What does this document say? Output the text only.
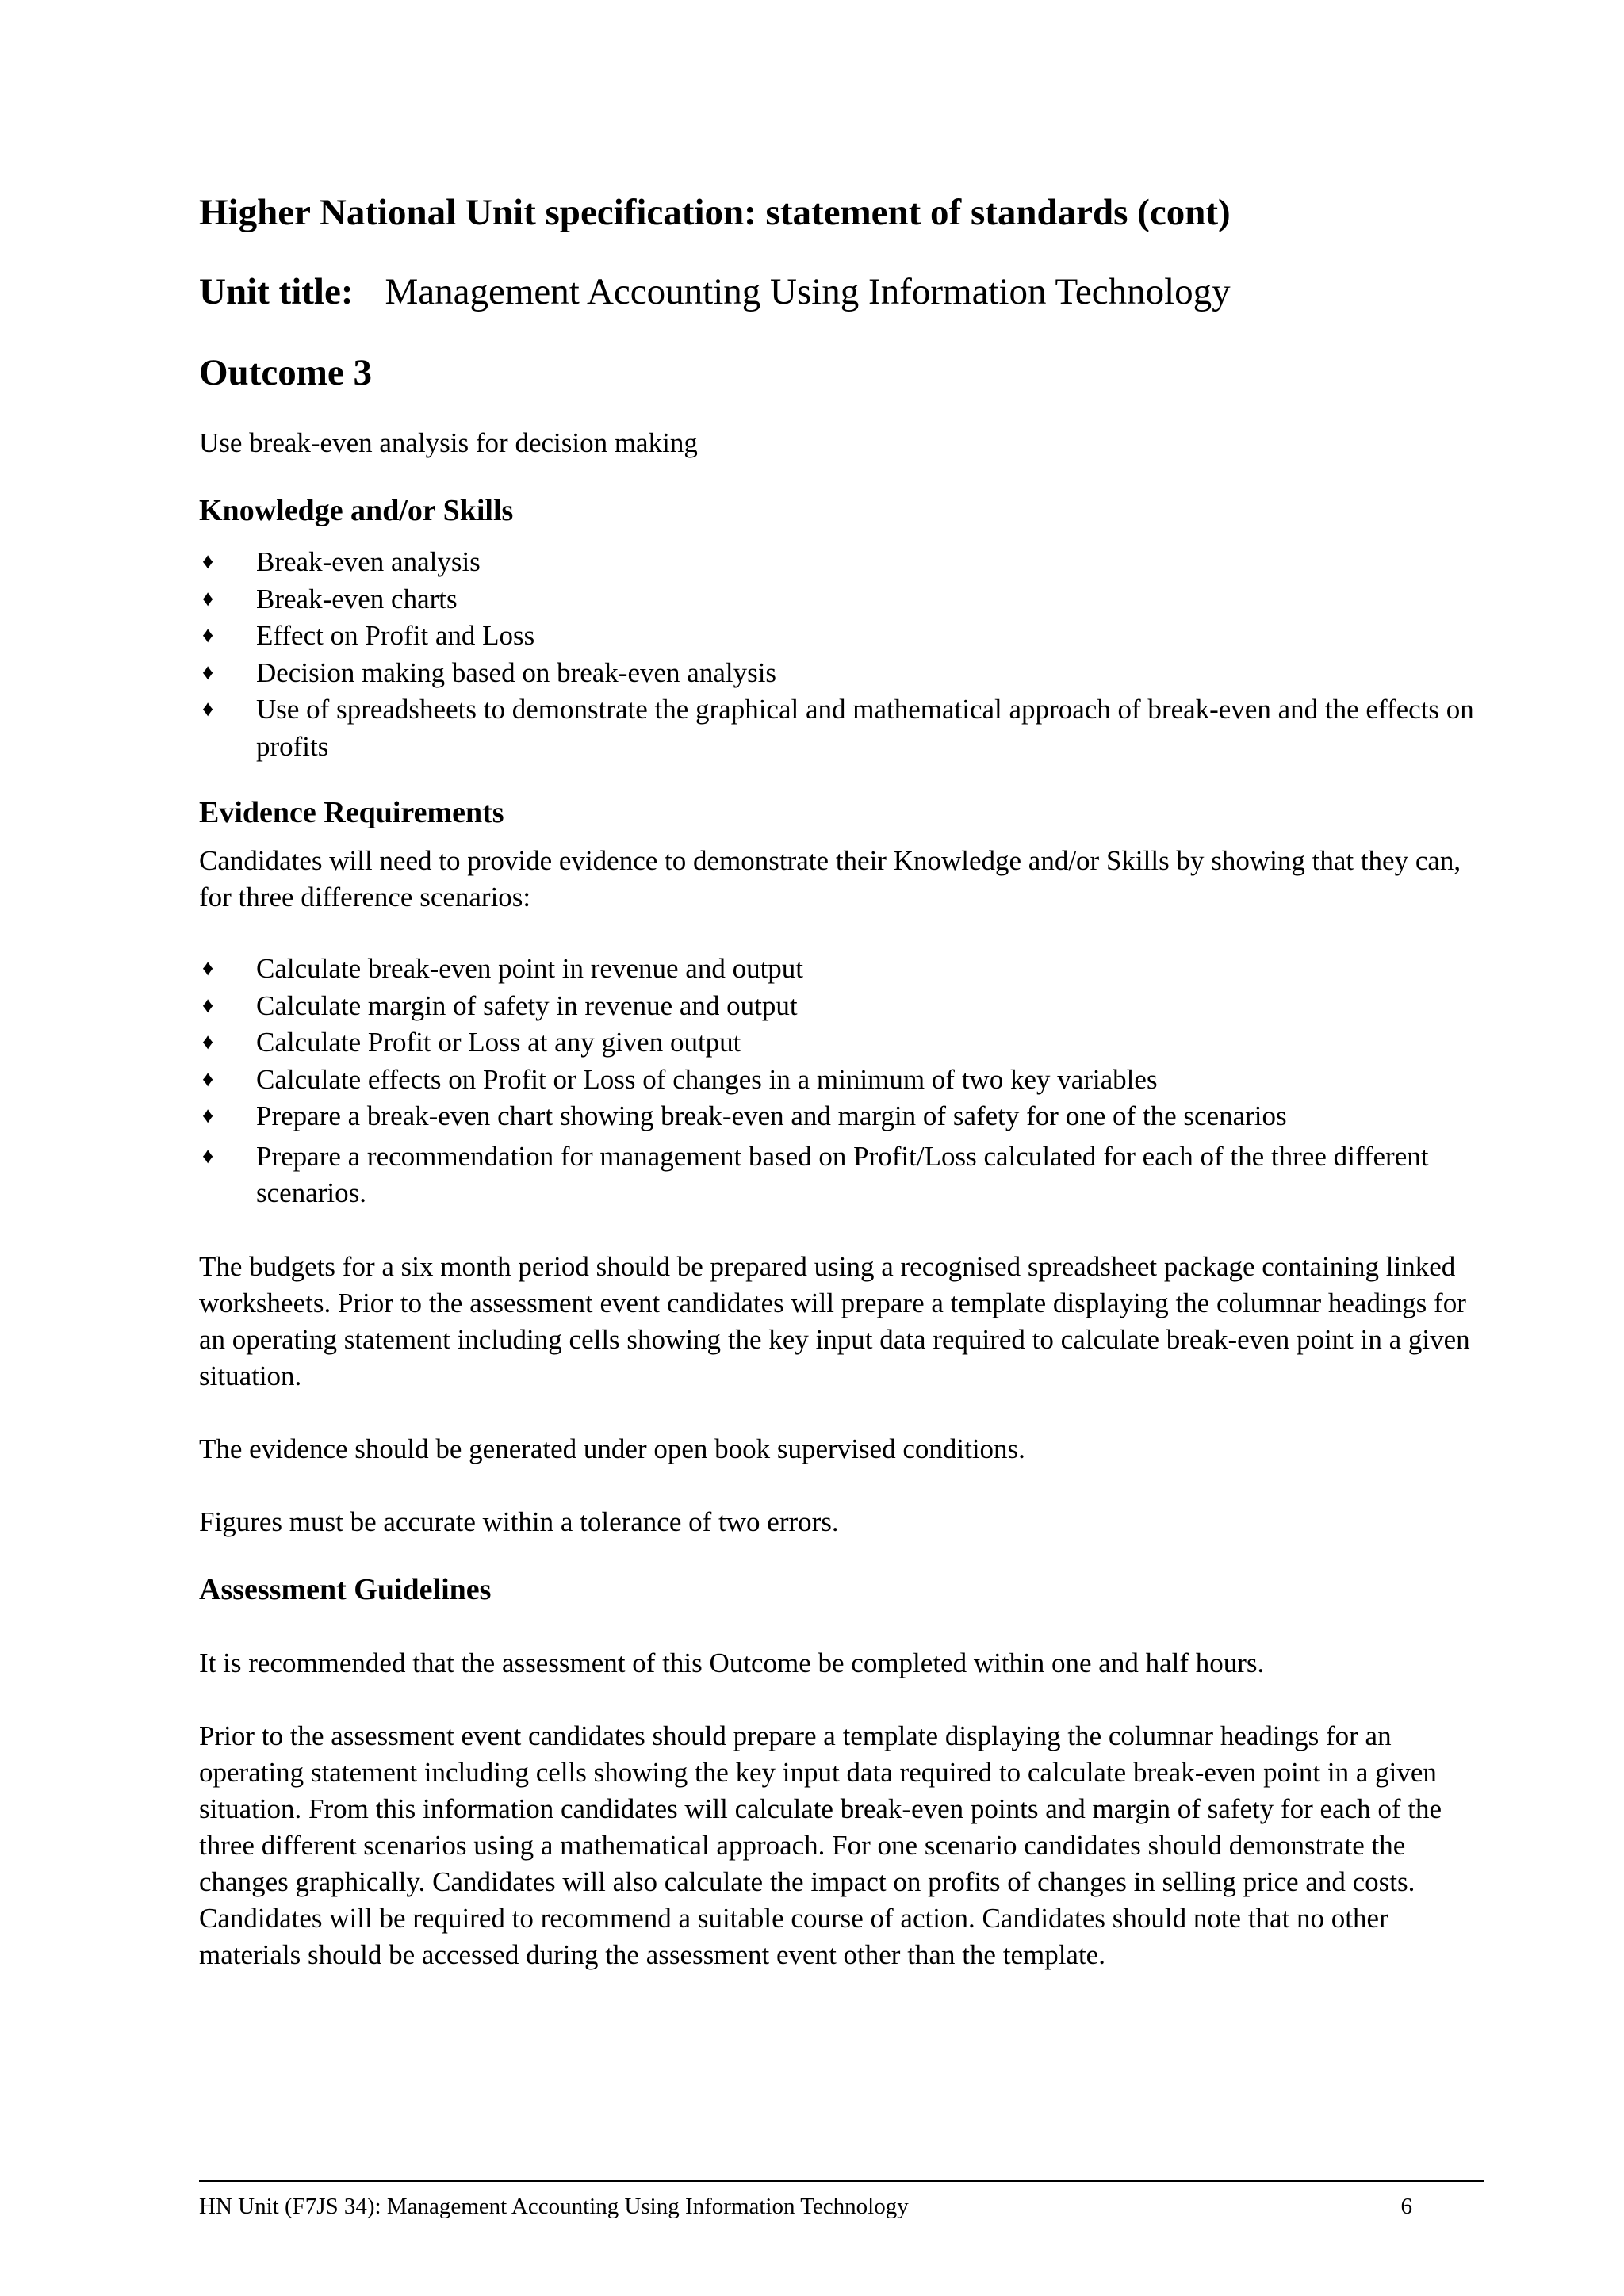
Higher National Unit specification: statement of standards (cont)
Unit title: Management Accounting Using Information Technology
Outcome 3

Use break-even analysis for decision making

Knowledge and/or Skills
♦ Break-even analysis
♦ Break-even charts
♦ Effect on Profit and Loss
♦ Decision making based on break-even analysis
♦ Use of spreadsheets to demonstrate the graphical and mathematical approach of break-even and the effects on profits
Evidence Requirements

Candidates will need to provide evidence to demonstrate their Knowledge and/or Skills by showing that they can, for three difference scenarios:

♦ Calculate break-even point in revenue and output
♦ Calculate margin of safety in revenue and output
♦ Calculate Profit or Loss at any given output
♦ Calculate effects on Profit or Loss of changes in a minimum of two key variables
♦ Prepare a break-even chart showing break-even and margin of safety for one of the scenarios
♦ Prepare a recommendation for management based on Profit/Loss calculated for each of the three different scenarios.

The budgets for a six month period should be prepared using a recognised spreadsheet package containing linked worksheets. Prior to the assessment event candidates will prepare a template displaying the columnar headings for an operating statement including cells showing the key input data required to calculate break-even point in a given situation.

The evidence should be generated under open book supervised conditions.

Figures must be accurate within a tolerance of two errors.

Assessment Guidelines

It is recommended that the assessment of this Outcome be completed within one and half hours.

Prior to the assessment event candidates should prepare a template displaying the columnar headings for an operating statement including cells showing the key input data required to calculate break-even point in a given situation. From this information candidates will calculate break-even points and margin of safety for each of the three different scenarios using a mathematical approach. For one scenario candidates should demonstrate the changes graphically. Candidates will also calculate the impact on profits of changes in selling price and costs. Candidates will be required to recommend a suitable course of action. Candidates should note that no other materials should be accessed during the assessment event other than the template.

HN Unit (F7JS 34): Management Accounting Using Information Technology	6
